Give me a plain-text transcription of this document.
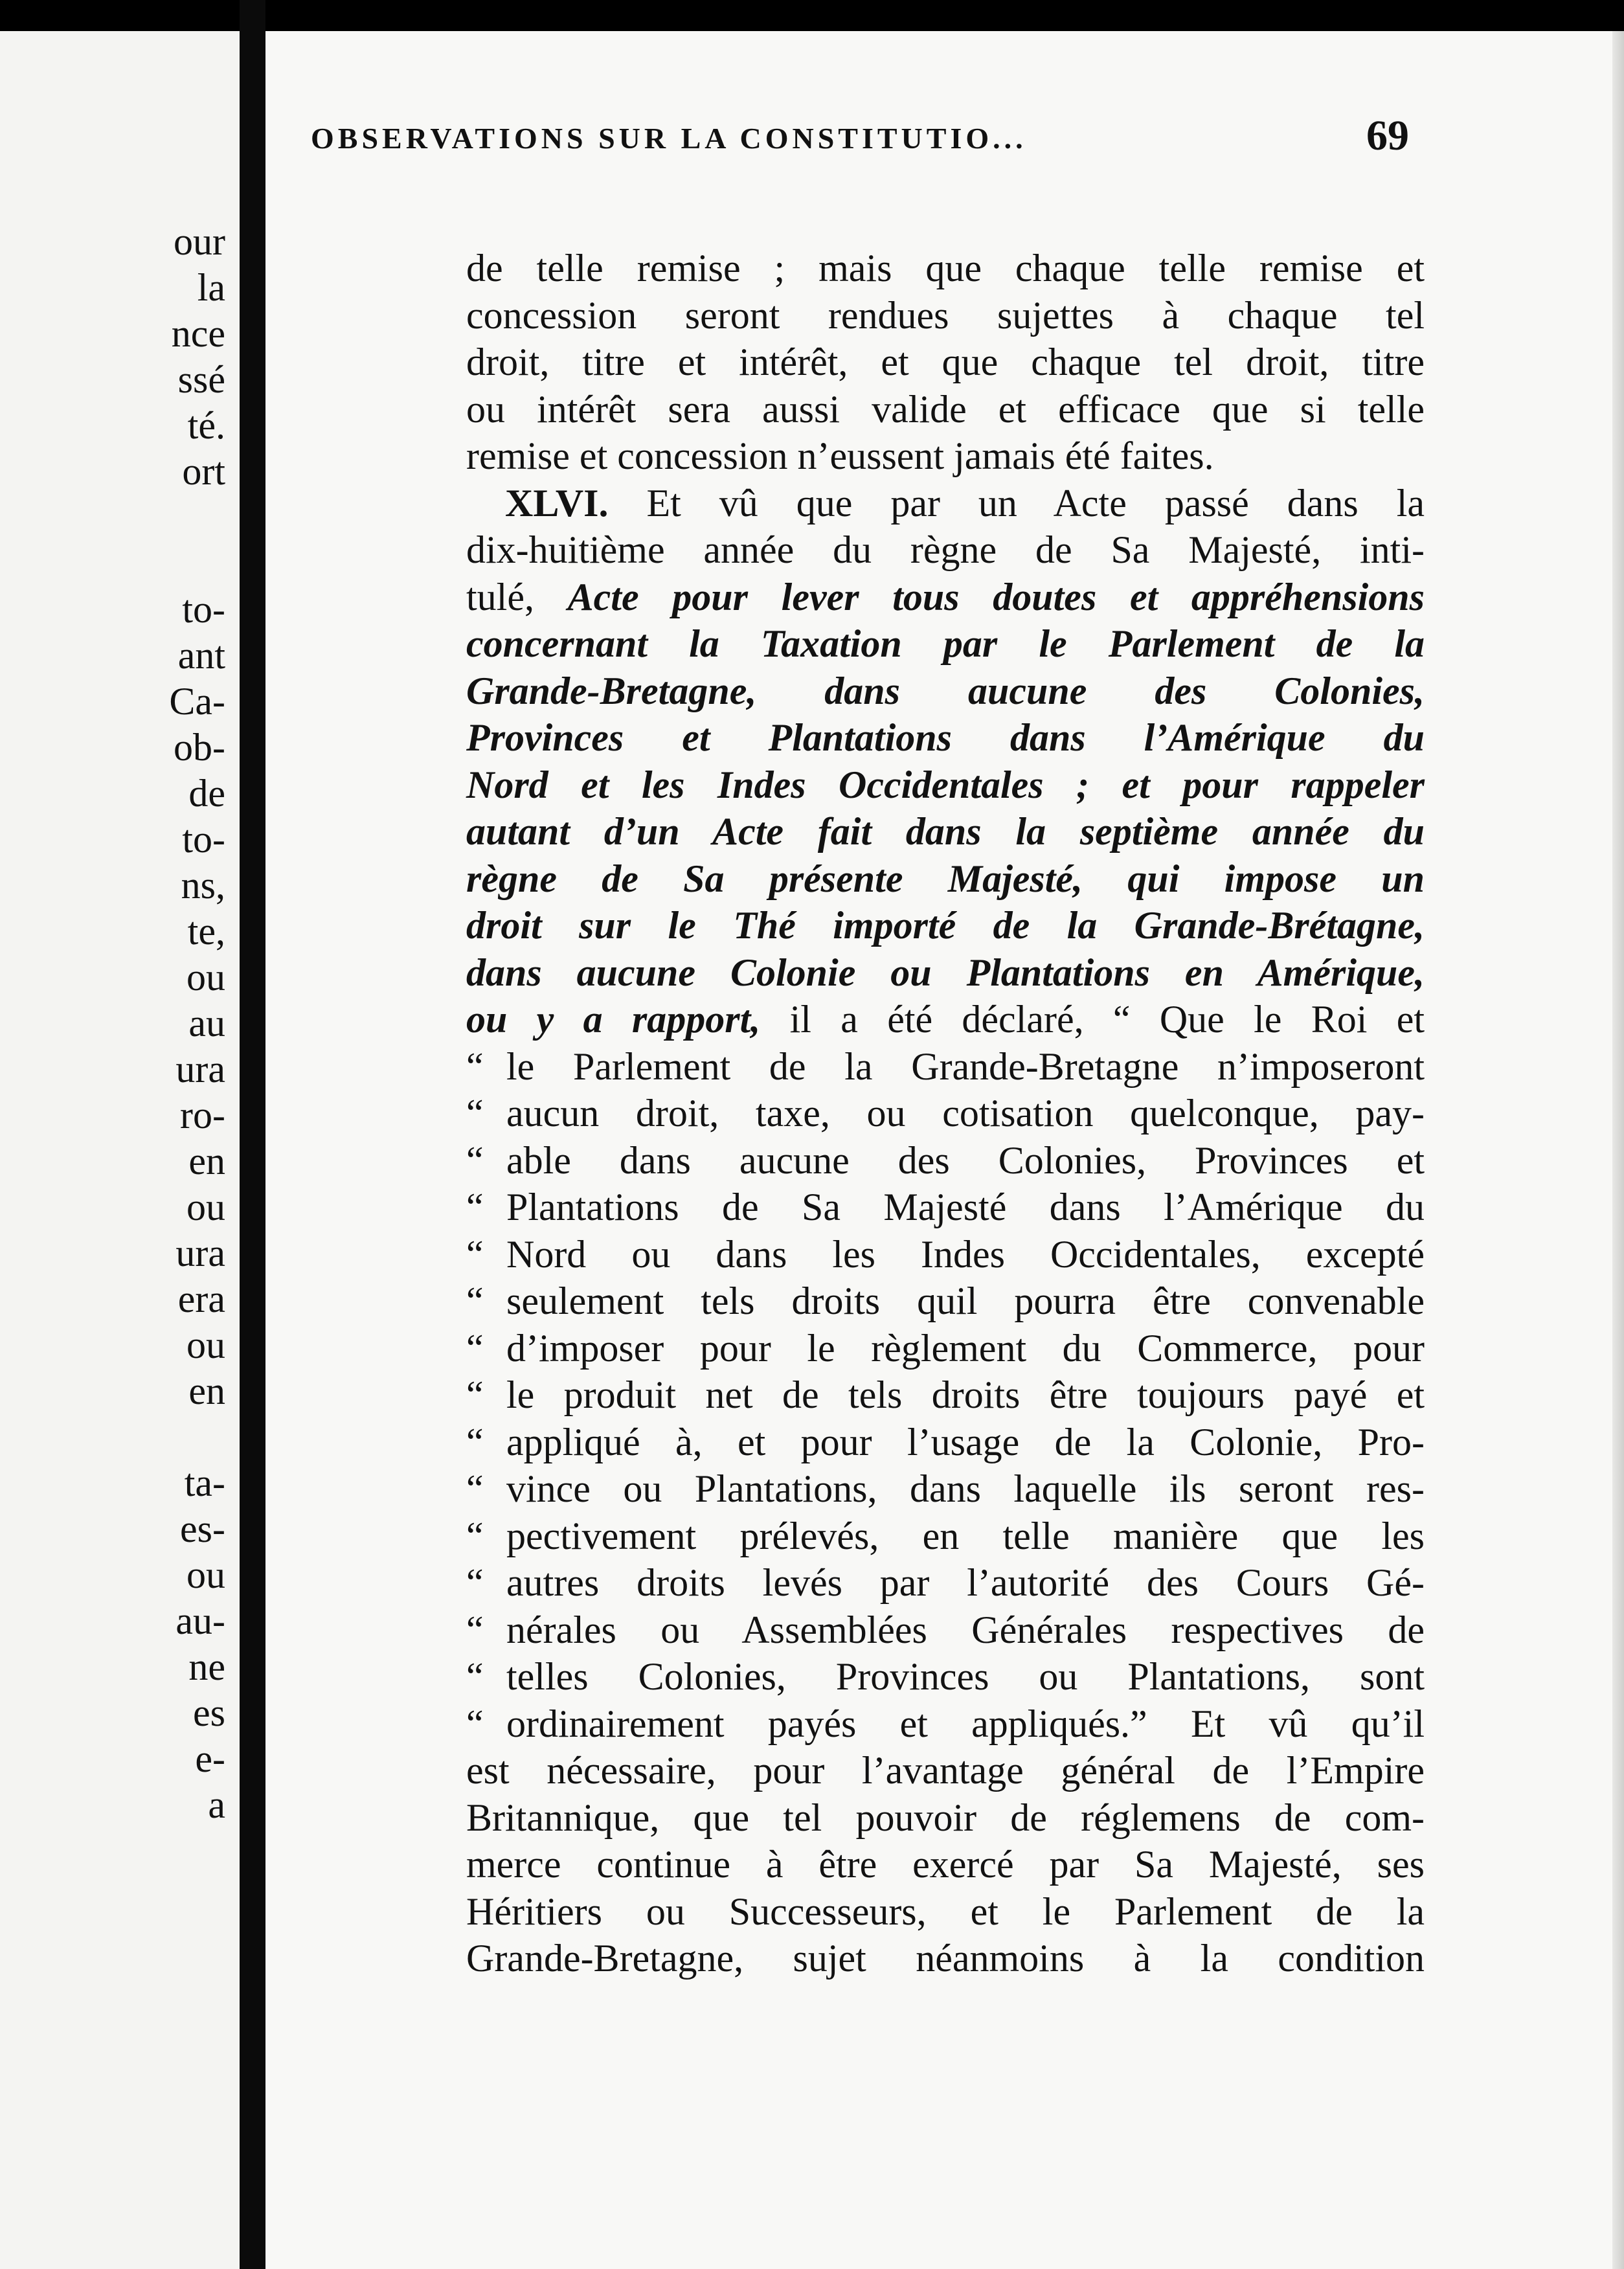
our
la
nce
ssé
té.
ort
to-
ant
Ca-
ob-
de
to-
ns,
te,
ou
au
ura
ro-
en
ou
ura
era
ou
en
ta-
es-
ou
au-
ne
es
e-
a
OBSERVATIONS SUR LA CONSTITUTIO...	69
de telle remise ; mais que chaque telle remise et
concession seront rendues sujettes à chaque tel
droit, titre et intérêt, et que chaque tel droit, titre
ou intérêt sera aussi valide et efficace que si telle
remise et concession n’eussent jamais été faites.
XLVI. Et vû que par un Acte passé dans la
dix-huitième année du règne de Sa Majesté, inti-
tulé, Acte pour lever tous doutes et appréhensions
concernant la Taxation par le Parlement de la
Grande-Bretagne, dans aucune des Colonies,
Provinces et Plantations dans l’Amérique du
Nord et les Indes Occidentales ; et pour rappeler
autant d’un Acte fait dans la septième année du
règne de Sa présente Majesté, qui impose un
droit sur le Thé importé de la Grande-Brétagne,
dans aucune Colonie ou Plantations en Amérique,
ou y a rapport, il a été déclaré, “ Que le Roi et
“ le Parlement de la Grande-Bretagne n’imposeront
“ aucun droit, taxe, ou cotisation quelconque, pay-
“ able dans aucune des Colonies, Provinces et
“ Plantations de Sa Majesté dans l’Amérique du
“ Nord ou dans les Indes Occidentales, excepté
“ seulement tels droits quil pourra être convenable
“ d’imposer pour le règlement du Commerce, pour
“ le produit net de tels droits être toujours payé et
“ appliqué à, et pour l’usage de la Colonie, Pro-
“ vince ou Plantations, dans laquelle ils seront res-
“ pectivement prélevés, en telle manière que les
“ autres droits levés par l’autorité des Cours Gé-
“ nérales ou Assemblées Générales respectives de
“ telles Colonies, Provinces ou Plantations, sont
“ ordinairement payés et appliqués.” Et vû qu’il
est nécessaire, pour l’avantage général de l’Empire
Britannique, que tel pouvoir de réglemens de com-
merce continue à être exercé par Sa Majesté, ses
Héritiers ou Successeurs, et le Parlement de la
Grande-Bretagne, sujet néanmoins à la condition
